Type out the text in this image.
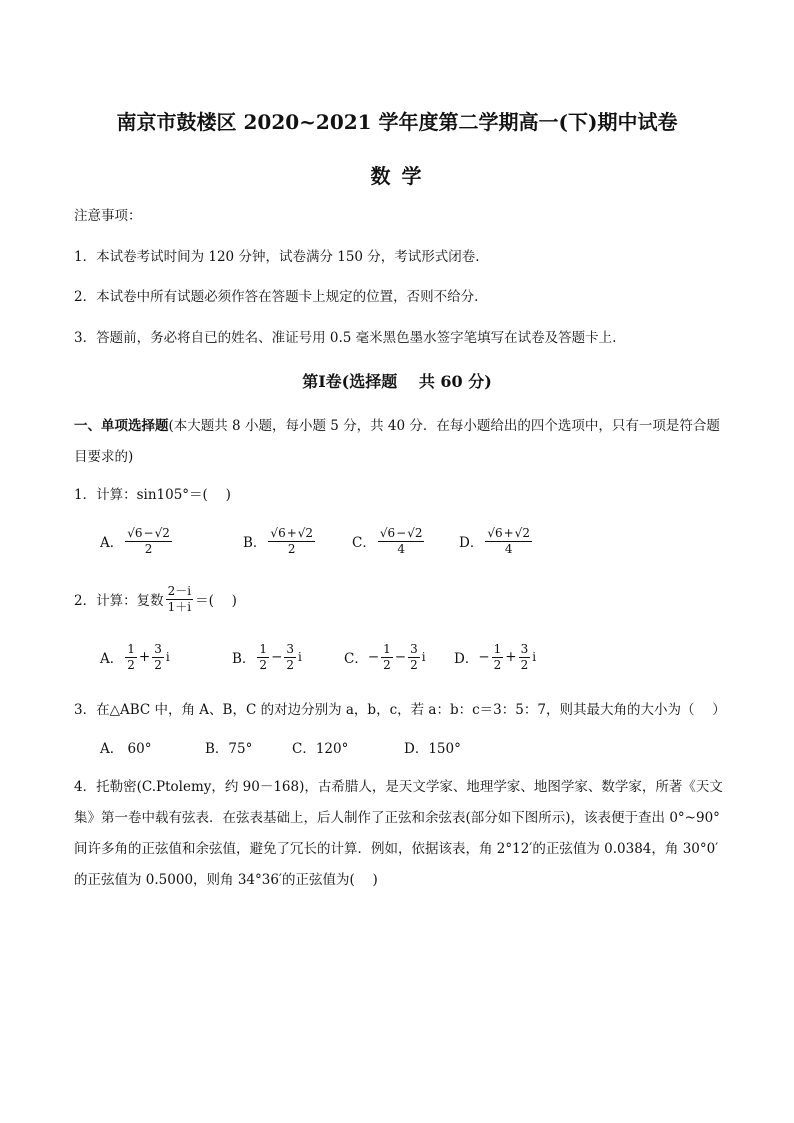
南京市鼓楼区 2020~2021 学年度第二学期高一(下)期中试卷
数 学
注意事项：
1．本试卷考试时间为 120 分钟，试卷满分 150 分，考试形式闭卷.
2．本试卷中所有试题必须作答在答题卡上规定的位置，否则不给分.
3．答题前，务必将自已的姓名、准证号用 0.5 毫米黑色墨水签字笔填写在试卷及答题卡上.
第Ⅰ卷(选择题　 共 60 分)
一、单项选择题(本大题共 8 小题，每小题 5 分，共 40 分．在每小题给出的四个选项中，只有一项是符合题目要求的)
1．计算：sin105°＝(　 )
A． $\frac{√6-√2}{2}$	B． $\frac{√6+√2}{2}$	C． $\frac{√6-√2}{4}$	D． $\frac{√6+√2}{4}$
2．计算：复数 $\frac{2-i}{1+i}$ ＝(　 )
A． $\frac{1}{2} + \frac{3}{2}$ i	B． $\frac{1}{2} - \frac{3}{2}$ i	C． − $\frac{1}{2} - \frac{3}{2}$ i D． − $\frac{1}{2} + \frac{3}{2}$ i
3．在△ABC 中，角 A、B，C 的对边分别为 a，b，c，若 a：b：c＝3：5：7，则其最大角的大小为（　 ）
A． 60°	B．75°	C．120°	D．150°
4．托勒密(C.Ptolemy，约 90－168)，古希腊人，是天文学家、地理学家、地图学家、数学家，所著《天文集》第一卷中载有弦表．在弦表基础上，后人制作了正弦和余弦表(部分如下图所示)，该表便于查出 0°~90°间许多角的正弦值和余弦值，避免了冗长的计算．例如，依据该表，角 2°12′的正弦值为 0.0384，角 30°0′的正弦值为 0.5000，则角 34°36′的正弦值为(　 )
